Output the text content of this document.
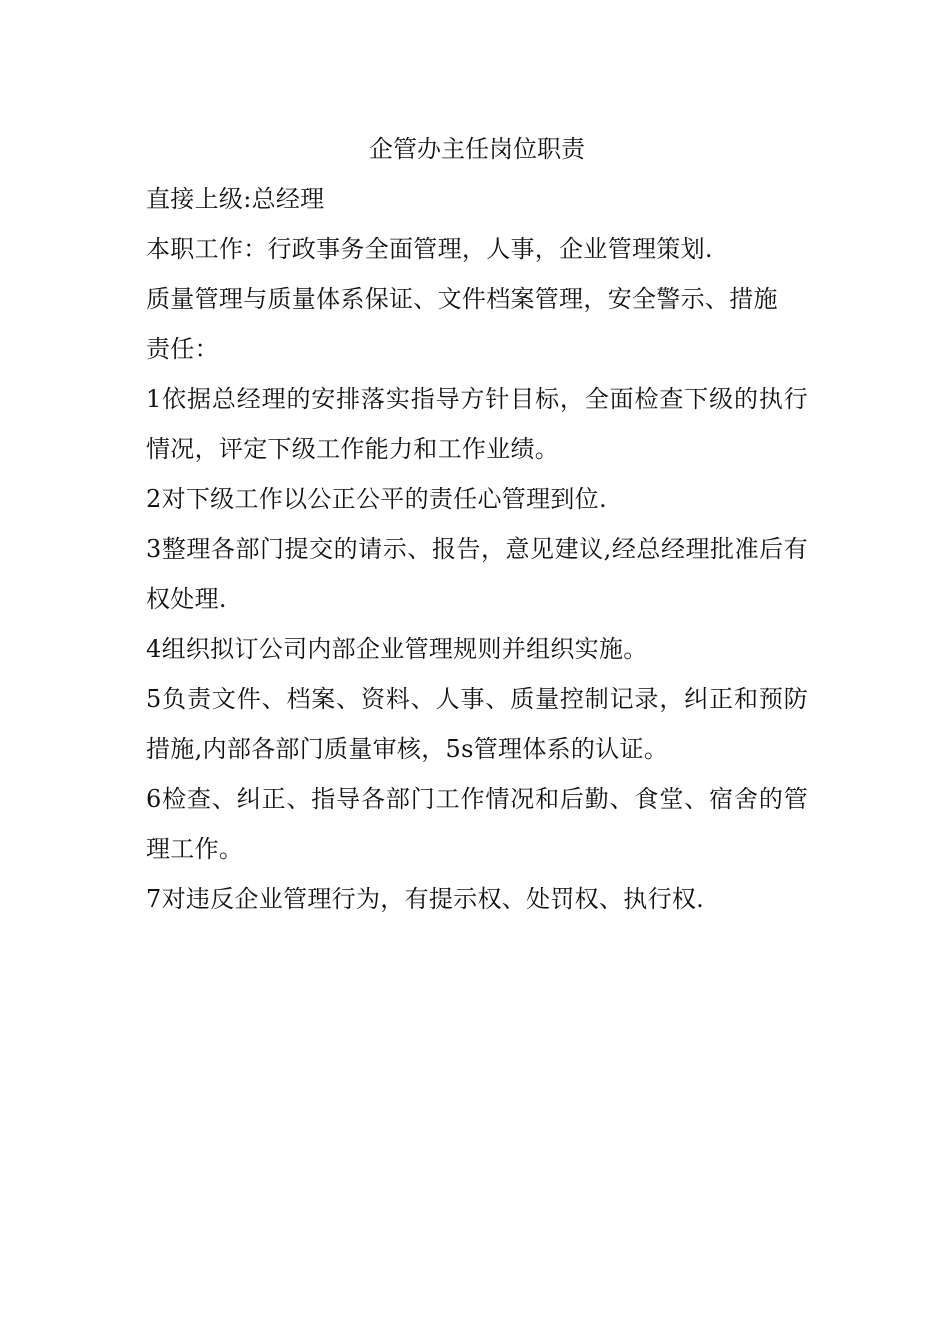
企管办主任岗位职责

直接上级:总经理

本职工作：行政事务全面管理，人事，企业管理策划.

质量管理与质量体系保证、文件档案管理，安全警示、措施

责任：

1依据总经理的安排落实指导方针目标，全面检查下级的执行情况，评定下级工作能力和工作业绩。

2对下级工作以公正公平的责任心管理到位.

3整理各部门提交的请示、报告，意见建议,经总经理批准后有权处理.

4组织拟订公司内部企业管理规则并组织实施。

5负责文件、档案、资料、人事、质量控制记录，纠正和预防措施,内部各部门质量审核，5s管理体系的认证。

6检查、纠正、指导各部门工作情况和后勤、食堂、宿舍的管理工作。

7对违反企业管理行为，有提示权、处罚权、执行权.
